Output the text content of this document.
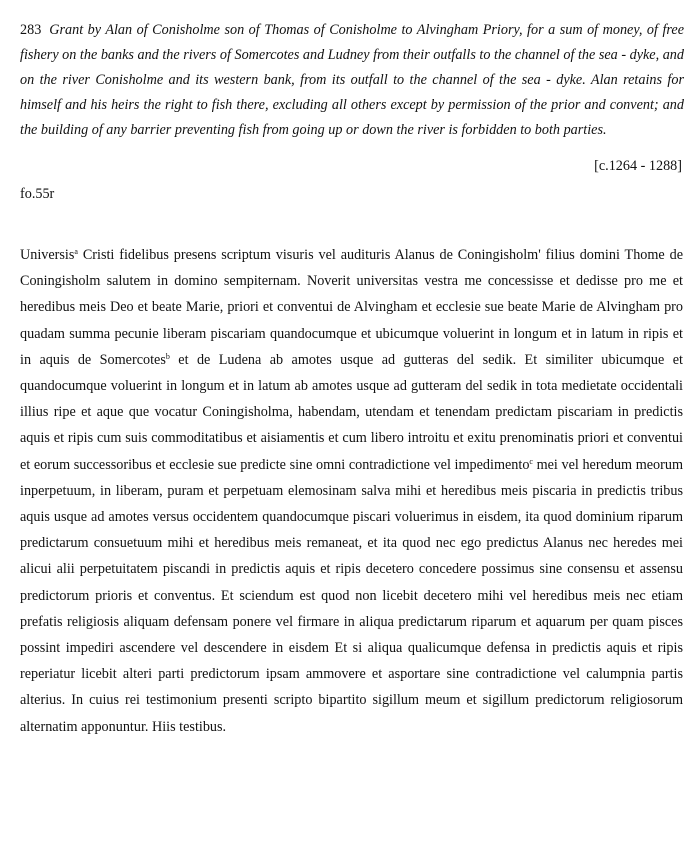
283 Grant by Alan of Conisholme son of Thomas of Conisholme to Alvingham Priory, for a sum of money, of free fishery on the banks and the rivers of Somercotes and Ludney from their outfalls to the channel of the sea - dyke, and on the river Conisholme and its western bank, from its outfall to the channel of the sea - dyke. Alan retains for himself and his heirs the right to fish there, excluding all others except by permission of the prior and convent; and the building of any barrier preventing fish from going up or down the river is forbidden to both parties.
[c.1264 - 1288]
fo.55r
Universis$^a$ Cristi fidelibus presens scriptum visuris vel audituris Alanus de Coningisholm' filius domini Thome de Coningisholm salutem in domino sempiternam. Noverit universitas vestra me concessisse et dedisse pro me et heredibus meis Deo et beate Marie, priori et conventui de Alvingham et ecclesie sue beate Marie de Alvingham pro quadam summa pecunie liberam piscariam quandocumque et ubicumque voluerint in longum et in latum in ripis et in aquis de Somercotes$^b$ et de Ludena ab amotes usque ad gutteras del sedik. Et similiter ubicumque et quandocumque voluerint in longum et in latum ab amotes usque ad gutteram del sedik in tota medietate occidentali illius ripe et aque que vocatur Coningisholma, habendam, utendam et tenendam predictam piscariam in predictis aquis et ripis cum suis commoditatibus et aisiamentis et cum libero introitu et exitu prenominatis priori et conventui et eorum successoribus et ecclesie sue predicte sine omni contradictione vel impedimento$^c$ mei vel heredum meorum inperpetuum, in liberam, puram et perpetuam elemosinam salva mihi et heredibus meis piscaria in predictis tribus aquis usque ad amotes versus occidentem quandocumque piscari voluerimus in eisdem, ita quod dominium riparum predictarum consuetuum mihi et heredibus meis remaneat, et ita quod nec ego predictus Alanus nec heredes mei alicui alii perpetuitatem piscandi in predictis aquis et ripis decetero concedere possimus sine consensu et assensu predictorum prioris et conventus. Et sciendum est quod non licebit decetero mihi vel heredibus meis nec etiam prefatis religiosis aliquam defensam ponere vel firmare in aliqua predictarum riparum et aquarum per quam pisces possint impediri ascendere vel descendere in eisdem Et si aliqua qualicumque defensa in predictis aquis et ripis reperiatur licebit alteri parti predictorum ipsam ammovere et asportare sine contradictione vel calumpnia partis alterius. In cuius rei testimonium presenti scripto bipartito sigillum meum et sigillum predictorum religiosorum alternatim apponuntur. Hiis testibus.
